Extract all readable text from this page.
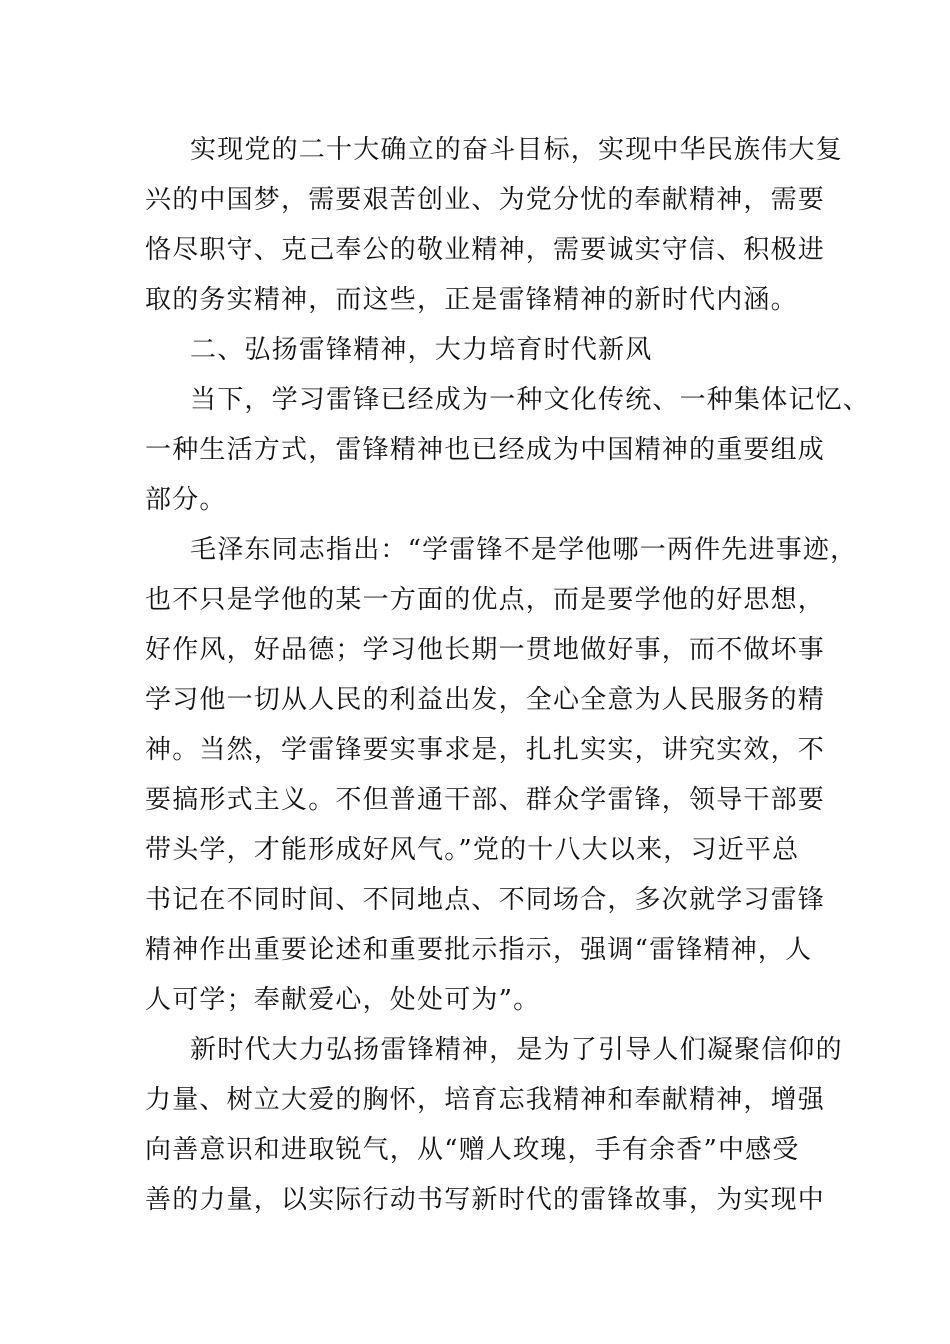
实现党的二十大确立的奋斗目标，实现中华民族伟大复
兴的中国梦，需要艰苦创业、为党分忧的奉献精神，需要
恪尽职守、克己奉公的敬业精神，需要诚实守信、积极进
取的务实精神，而这些，正是雷锋精神的新时代内涵。
二、弘扬雷锋精神，大力培育时代新风
当下，学习雷锋已经成为一种文化传统、一种集体记忆、
一种生活方式，雷锋精神也已经成为中国精神的重要组成
部分。
毛泽东同志指出：“学雷锋不是学他哪一两件先进事迹，
也不只是学他的某一方面的优点，而是要学他的好思想，
好作风，好品德；学习他长期一贯地做好事，而不做坏事
学习他一切从人民的利益出发，全心全意为人民服务的精
神。当然，学雷锋要实事求是，扎扎实实，讲究实效，不
要搞形式主义。不但普通干部、群众学雷锋，领导干部要
带头学，才能形成好风气。”党的十八大以来，习近平总
书记在不同时间、不同地点、不同场合，多次就学习雷锋
精神作出重要论述和重要批示指示，强调“雷锋精神，人
人可学；奉献爱心，处处可为”。
新时代大力弘扬雷锋精神，是为了引导人们凝聚信仰的
力量、树立大爱的胸怀，培育忘我精神和奉献精神，增强
向善意识和进取锐气，从“赠人玫瑰，手有余香”中感受
善的力量，以实际行动书写新时代的雷锋故事，为实现中
